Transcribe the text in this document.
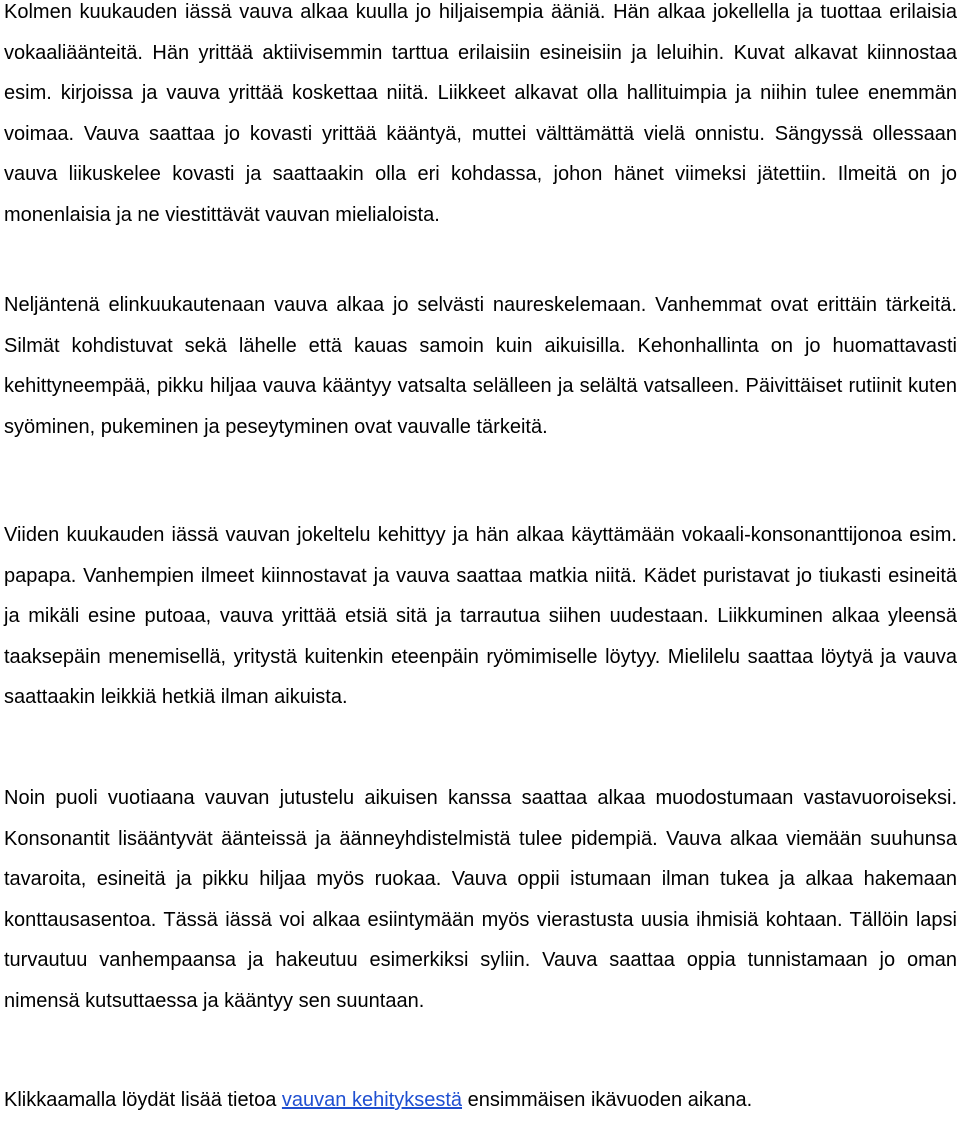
Kolmen kuukauden iässä vauva alkaa kuulla jo hiljaisempia ääniä. Hän alkaa jokellella ja tuottaa erilaisia vokaaliäänteitä. Hän yrittää aktiivisemmin tarttua erilaisiin esineisiin ja leluihin. Kuvat alkavat kiinnostaa esim. kirjoissa ja vauva yrittää koskettaa niitä. Liikkeet alkavat olla hallituimpia ja niihin tulee enemmän voimaa. Vauva saattaa jo kovasti yrittää kääntyä, muttei välttämättä vielä onnistu. Sängyssä ollessaan vauva liikuskelee kovasti ja saattaakin olla eri kohdassa, johon hänet viimeksi jätettiin. Ilmeitä on jo monenlaisia ja ne viestittävät vauvan mielialoista.

Neljäntenä elinkuukautenaan vauva alkaa jo selvästi naureskelemaan. Vanhemmat ovat erittäin tärkeitä. Silmät kohdistuvat sekä lähelle että kauas samoin kuin aikuisilla. Kehonhallinta on jo huomattavasti kehittyneempää, pikku hiljaa vauva kääntyy vatsalta selälleen ja selältä vatsalleen. Päivittäiset rutiinit kuten syöminen, pukeminen ja peseytyminen ovat vauvalle tärkeitä.

Viiden kuukauden iässä vauvan jokeltelu kehittyy ja hän alkaa käyttämään vokaali-konsonanttijonoa esim. papapa. Vanhempien ilmeet kiinnostavat ja vauva saattaa matkia niitä. Kädet puristavat jo tiukasti esineitä ja mikäli esine putoaa, vauva yrittää etsiä sitä ja tarrautua siihen uudestaan. Liikkuminen alkaa yleensä taaksepäin menemisellä, yritystä kuitenkin eteenpäin ryömimiselle löytyy. Mielilelu saattaa löytyä ja vauva saattaakin leikkiä hetkiä ilman aikuista.

Noin puoli vuotiaana vauvan jutustelu aikuisen kanssa saattaa alkaa muodostumaan vastavuoroiseksi. Konsonantit lisääntyvät äänteissä ja äänneyhdistelmistä tulee pidempiä. Vauva alkaa viemään suuhunsa tavaroita, esineitä ja pikku hiljaa myös ruokaa. Vauva oppii istumaan ilman tukea ja alkaa hakemaan konttausasentoa. Tässä iässä voi alkaa esiintymään myös vierastusta uusia ihmisiä kohtaan. Tällöin lapsi turvautuu vanhempaansa ja hakeutuu esimerkiksi syliin. Vauva saattaa oppia tunnistamaan jo oman nimensä kutsuttaessa ja kääntyy sen suuntaan.

Klikkaamalla löydät lisää tietoa vauvan kehityksestä ensimmäisen ikävuoden aikana.
